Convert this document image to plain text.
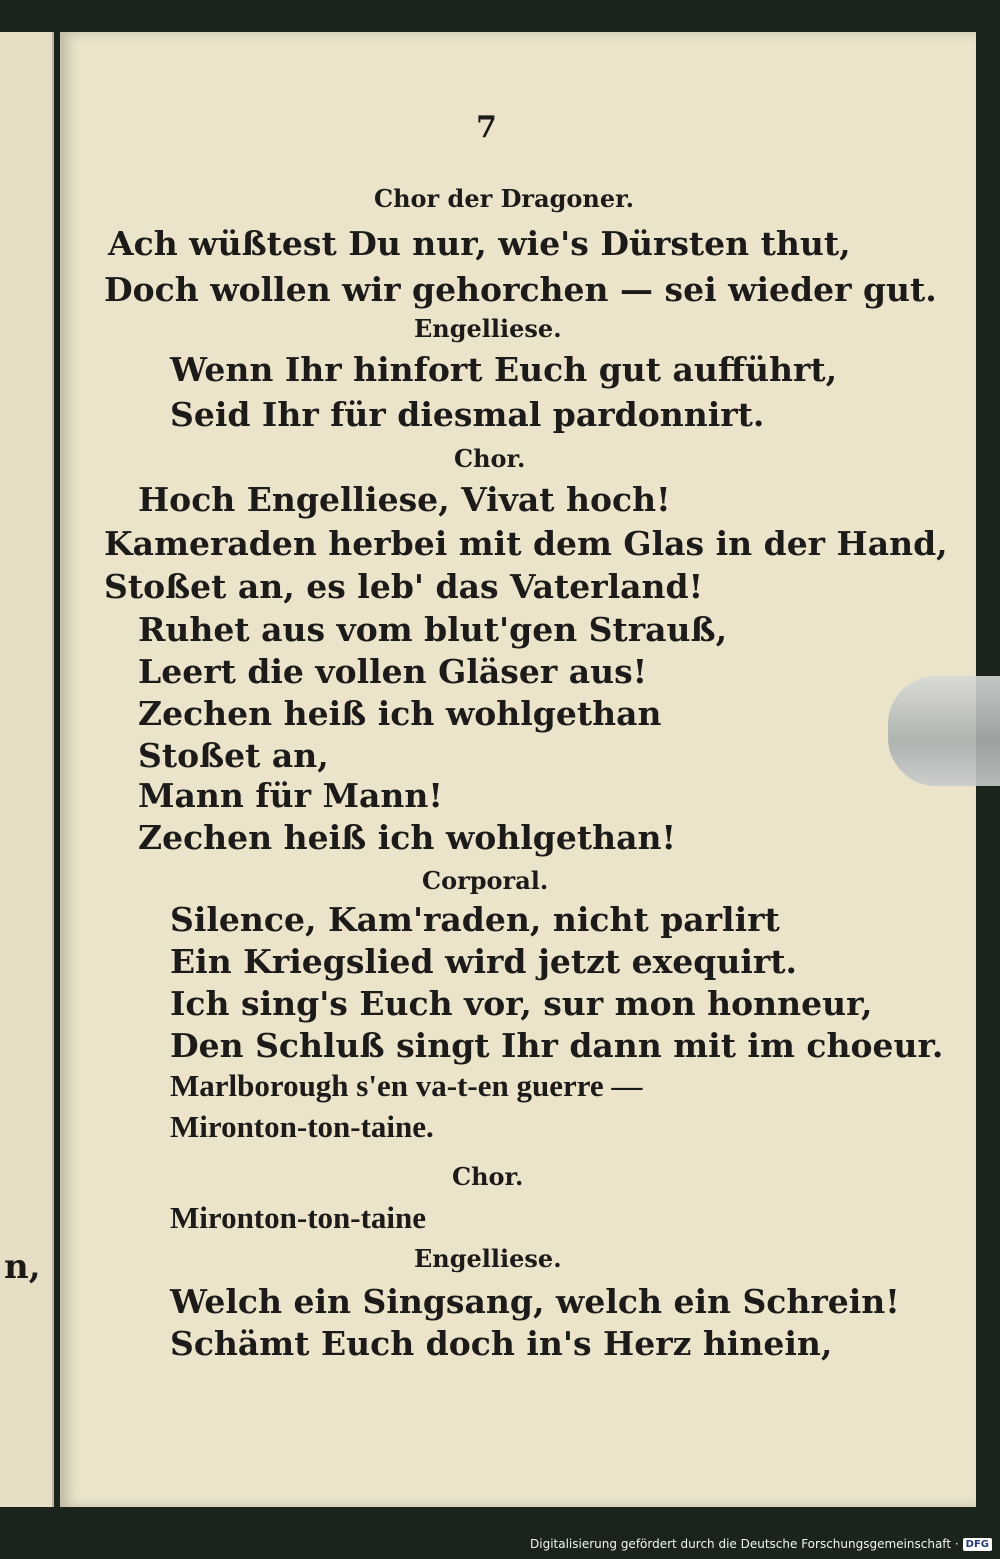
n,
7
Chor der Dragoner.
Ach wüßtest Du nur, wie's Dürsten thut,
Doch wollen wir gehorchen — sei wieder gut.
Engelliese.
Wenn Ihr hinfort Euch gut aufführt,
Seid Ihr für diesmal pardonnirt.
Chor.
Hoch Engelliese, Vivat hoch!
Kameraden herbei mit dem Glas in der Hand,
Stoßet an, es leb' das Vaterland!
Ruhet aus vom blut'gen Strauß,
Leert die vollen Gläser aus!
Zechen heiß ich wohlgethan
Stoßet an,
Mann für Mann!
Zechen heiß ich wohlgethan!
Corporal.
Silence, Kam'raden, nicht parlirt
Ein Kriegslied wird jetzt exequirt.
Ich sing's Euch vor, sur mon honneur,
Den Schluß singt Ihr dann mit im choeur.
Marlborough s'en va-t-en guerre —
Mironton-ton-taine.
Chor.
Mironton-ton-taine
Engelliese.
Welch ein Singsang, welch ein Schrein!
Schämt Euch doch in's Herz hinein,
Digitalisierung gefördert durch die Deutsche Forschungsgemeinschaft · DFG
